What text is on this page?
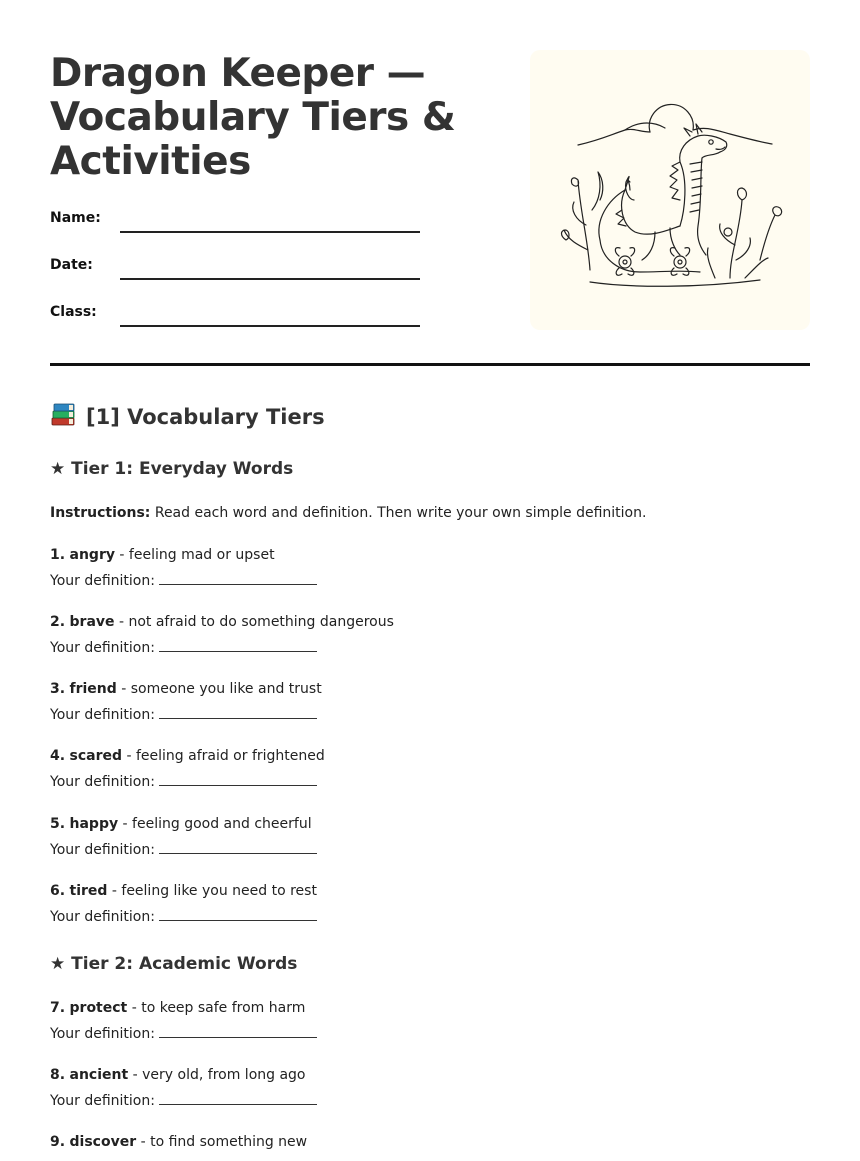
Dragon Keeper — Vocabulary Tiers & Activities
Name:
Date:
Class:
[1] Vocabulary Tiers
★ Tier 1: Everyday Words
Instructions: Read each word and definition. Then write your own simple definition.
1. angry - feeling mad or upset
Your definition:
2. brave - not afraid to do something dangerous
Your definition:
3. friend - someone you like and trust
Your definition:
4. scared - feeling afraid or frightened
Your definition:
5. happy - feeling good and cheerful
Your definition:
6. tired - feeling like you need to rest
Your definition:
★ Tier 2: Academic Words
7. protect - to keep safe from harm
Your definition:
8. ancient - very old, from long ago
Your definition:
9. discover - to find something new
